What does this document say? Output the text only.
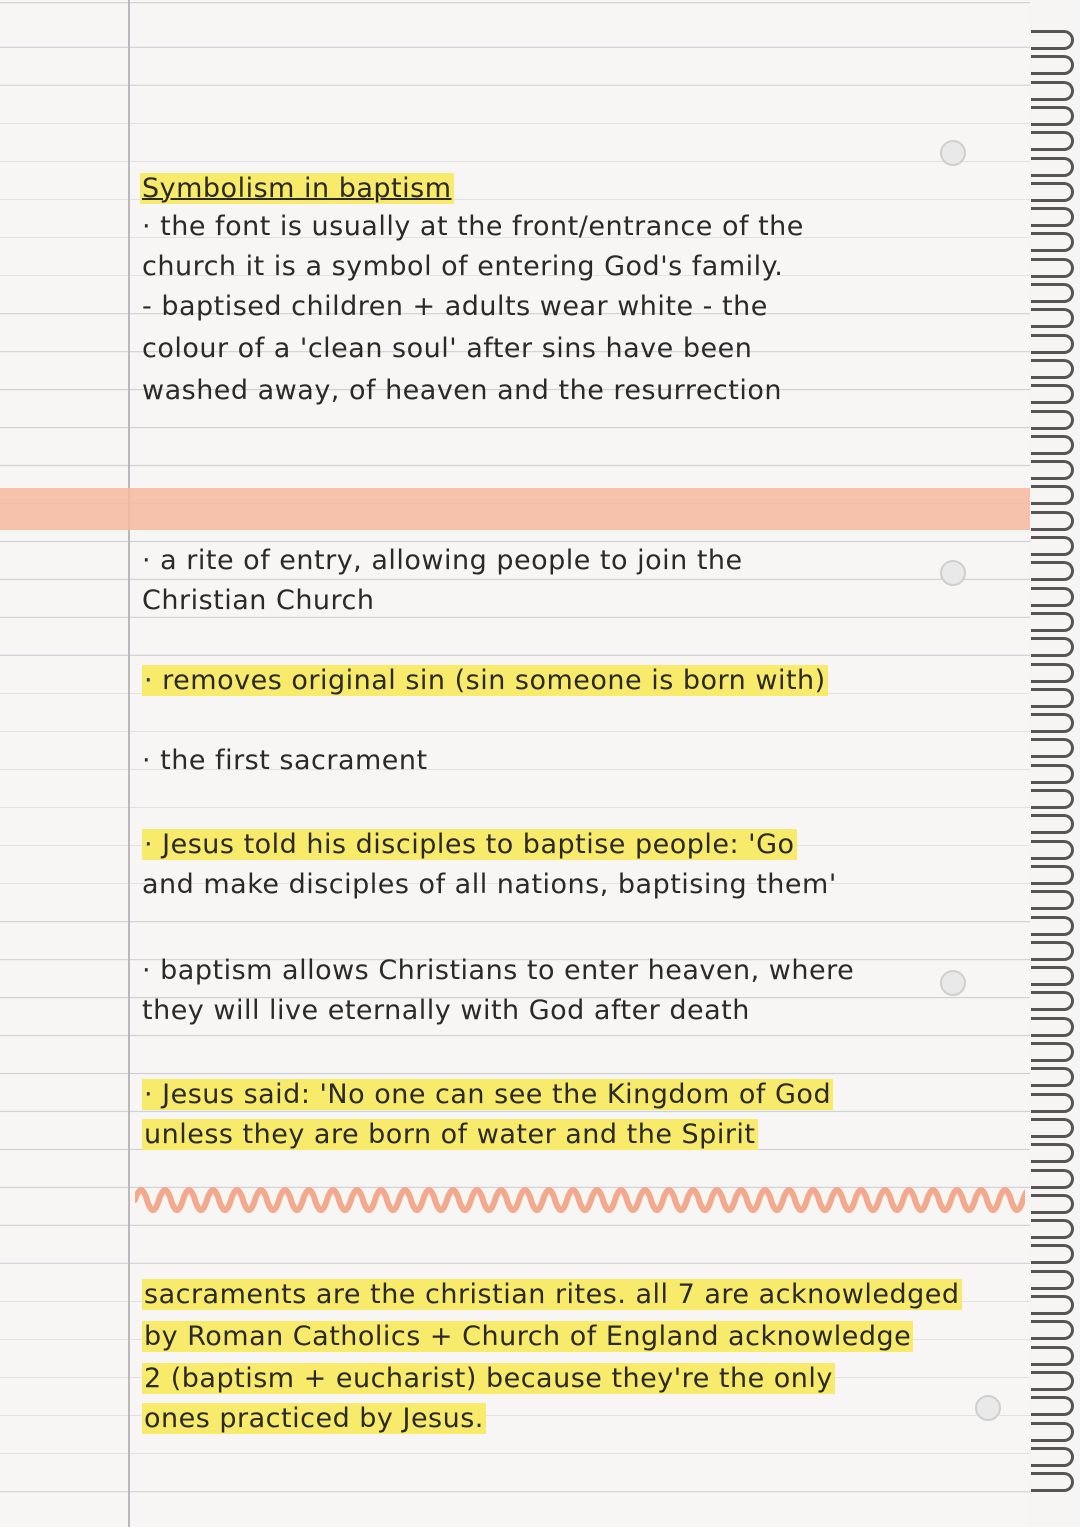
Symbolism in baptism
· the font is usually at the front/entrance of the
church it is a symbol of entering God's family.
- baptised children + adults wear white - the
colour of a 'clean soul' after sins have been
washed away, of heaven and the resurrection
· a rite of entry, allowing people to join the
Christian Church
· removes original sin (sin someone is born with)
· the first sacrament
· Jesus told his disciples to baptise people: 'Go
and make disciples of all nations, baptising them'
· baptism allows Christians to enter heaven, where
they will live eternally with God after death
· Jesus said: 'No one can see the Kingdom of God
unless they are born of water and the Spirit
sacraments are the christian rites. all 7 are acknowledged
by Roman Catholics + Church of England acknowledge
2 (baptism + eucharist) because they're the only
ones practiced by Jesus.
